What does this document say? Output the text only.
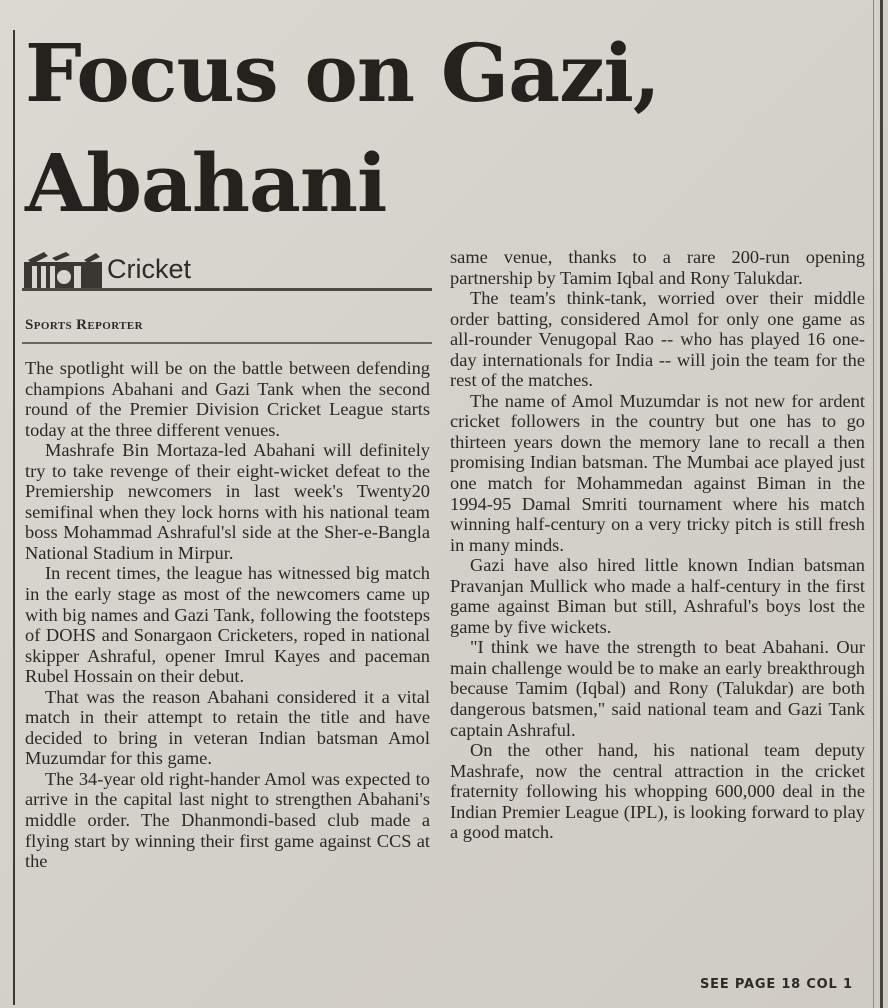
Focus on Gazi,
Abahani
Cricket
Sports Reporter

The spotlight will be on the battle between defending champions Abahani and Gazi Tank when the second round of the Premier Division Cricket League starts today at the three different venues.

Mashrafe Bin Mortaza-led Abahani will definitely try to take revenge of their eight-wicket defeat to the Premiership newcomers in last week's Twenty20 semifinal when they lock horns with his national team boss Mohammad Ashraful'sl side at the Sher-e-Bangla National Stadium in Mirpur.

In recent times, the league has witnessed big match in the early stage as most of the newcomers came up with big names and Gazi Tank, following the footsteps of DOHS and Sonargaon Cricketers, roped in national skipper Ashraful, opener Imrul Kayes and paceman Rubel Hossain on their debut.

That was the reason Abahani considered it a vital match in their attempt to retain the title and have decided to bring in veteran Indian batsman Amol Muzumdar for this game.

The 34-year old right-hander Amol was expected to arrive in the capital last night to strengthen Abahani's middle order. The Dhanmondi-based club made a flying start by winning their first game against CCS at the

same venue, thanks to a rare 200-run opening partnership by Tamim Iqbal and Rony Talukdar.

The team's think-tank, worried over their middle order batting, considered Amol for only one game as all-rounder Venugopal Rao -- who has played 16 one-day internationals for India -- will join the team for the rest of the matches.

The name of Amol Muzumdar is not new for ardent cricket followers in the country but one has to go thirteen years down the memory lane to recall a then promising Indian batsman. The Mumbai ace played just one match for Mohammedan against Biman in the 1994-95 Damal Smriti tournament where his match winning half-century on a very tricky pitch is still fresh in many minds.

Gazi have also hired little known Indian batsman Pravanjan Mullick who made a half-century in the first game against Biman but still, Ashraful's boys lost the game by five wickets.

"I think we have the strength to beat Abahani. Our main challenge would be to make an early breakthrough because Tamim (Iqbal) and Rony (Talukdar) are both dangerous batsmen," said national team and Gazi Tank captain Ashraful.

On the other hand, his national team deputy Mashrafe, now the central attraction in the cricket fraternity following his whopping 600,000 deal in the Indian Premier League (IPL), is looking forward to play a good match.

SEE PAGE 18 COL 1
